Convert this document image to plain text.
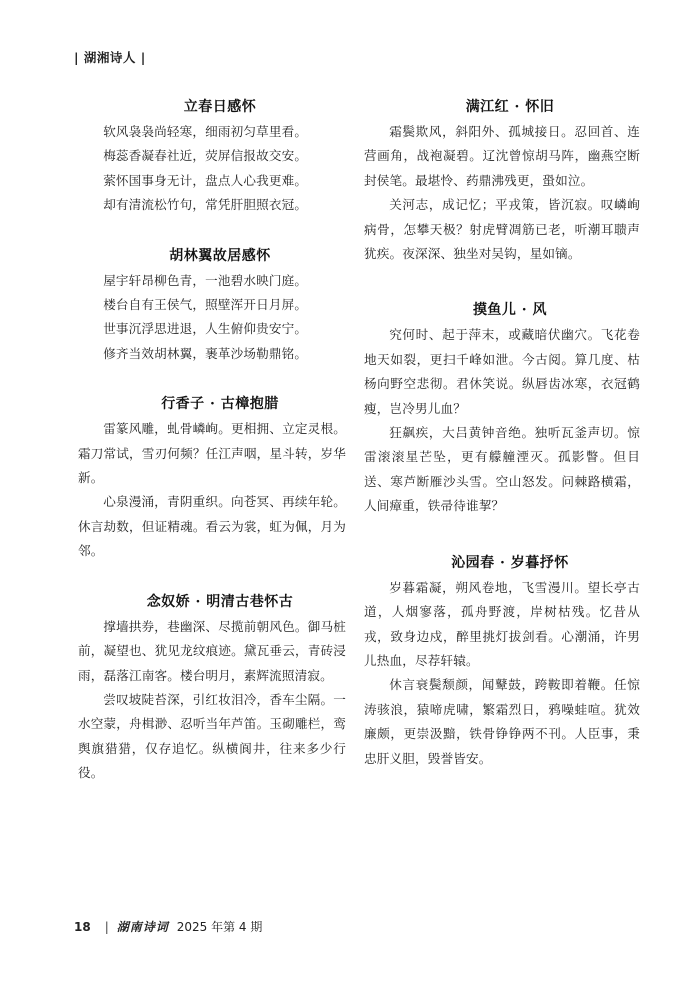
| 湖湘诗人 |
立春日感怀

软风袅袅尚轻寒，细雨初匀草里看。

梅蕊香凝春社近，荧屏信报故交安。

萦怀国事身无计，盘点人心我更难。

却有清流松竹句，常凭肝胆照衣冠。

胡林翼故居感怀

屋宇轩昂柳色青，一池碧水映门庭。

楼台自有王侯气，照壁浑开日月屏。

世事沉浮思进退，人生俯仰贵安宁。

修齐当效胡林翼，裹革沙场勒鼎铭。

行香子 · 古樟抱腊

雷篆风雕，虬骨嶙峋。更相拥、立定灵根。霜刀常试，雪刃何频？任江声咽，星斗转，岁华新。

心泉漫涌，青阴重织。向苍冥、再续年轮。休言劫数，但证精魂。看云为裳，虹为佩，月为邻。

念奴娇 · 明清古巷怀古

撑墙拱券，巷幽深、尽揽前朝风色。御马桩前，凝望也、犹见龙纹痕迹。黛瓦垂云，青砖浸雨，磊落江南客。楼台明月，素辉流照清寂。

尝叹坡陡苔深，引红妆泪冷，香车尘隔。一水空蒙，舟楫渺、忍听当年芦笛。玉砌雕栏，鸾舆旗猎猎，仅存追忆。纵横阆井，往来多少行役。

满江红 · 怀旧

霜鬓欺风，斜阳外、孤城接日。忍回首、连营画角，战袍凝碧。辽沈曾惊胡马阵，幽燕空断封侯笔。最堪怜、药鼎沸残更，蛩如泣。

关河志，成记忆；平戎策，皆沉寂。叹嶙峋病骨，怎攀天极？射虎臂凋筋已老，听潮耳聩声犹疾。夜深深、独坐对吴钩，星如镝。

摸鱼儿 · 风

究何时、起于萍末，或藏暗伏幽穴。飞花卷地天如裂，更扫千峰如泄。今古阅。算几度、枯杨向野空悲彻。君休笑说。纵唇齿冰寒，衣冠鹤瘦，岂冷男儿血？

狂飙疾，大吕黄钟音绝。独听瓦釜声切。惊雷滚滚星芒坠，更有艨艟湮灭。孤影瞥。但目送、寒芦断雁沙头雪。空山怒发。问棘路横霜，人间瘴重，铁帚待谁挈？

沁园春 · 岁暮抒怀

岁暮霜凝，朔风卷地，飞雪漫川。望长亭古道，人烟寥落，孤舟野渡，岸树枯残。忆昔从戎，致身边戍，醉里挑灯拔剑看。心潮涌，许男儿热血，尽荐轩辕。

休言衰鬓颓颜，闻鼙鼓，跨鞍即着鞭。任惊涛骇浪，猿啼虎啸，繁霜烈日，鸦噪蛙喧。犹效廉颇，更崇汲黯，铁骨铮铮两不刊。人臣事，秉忠肝义胆，毁誉皆安。

18 | 湖南诗词 2025 年第 4 期
